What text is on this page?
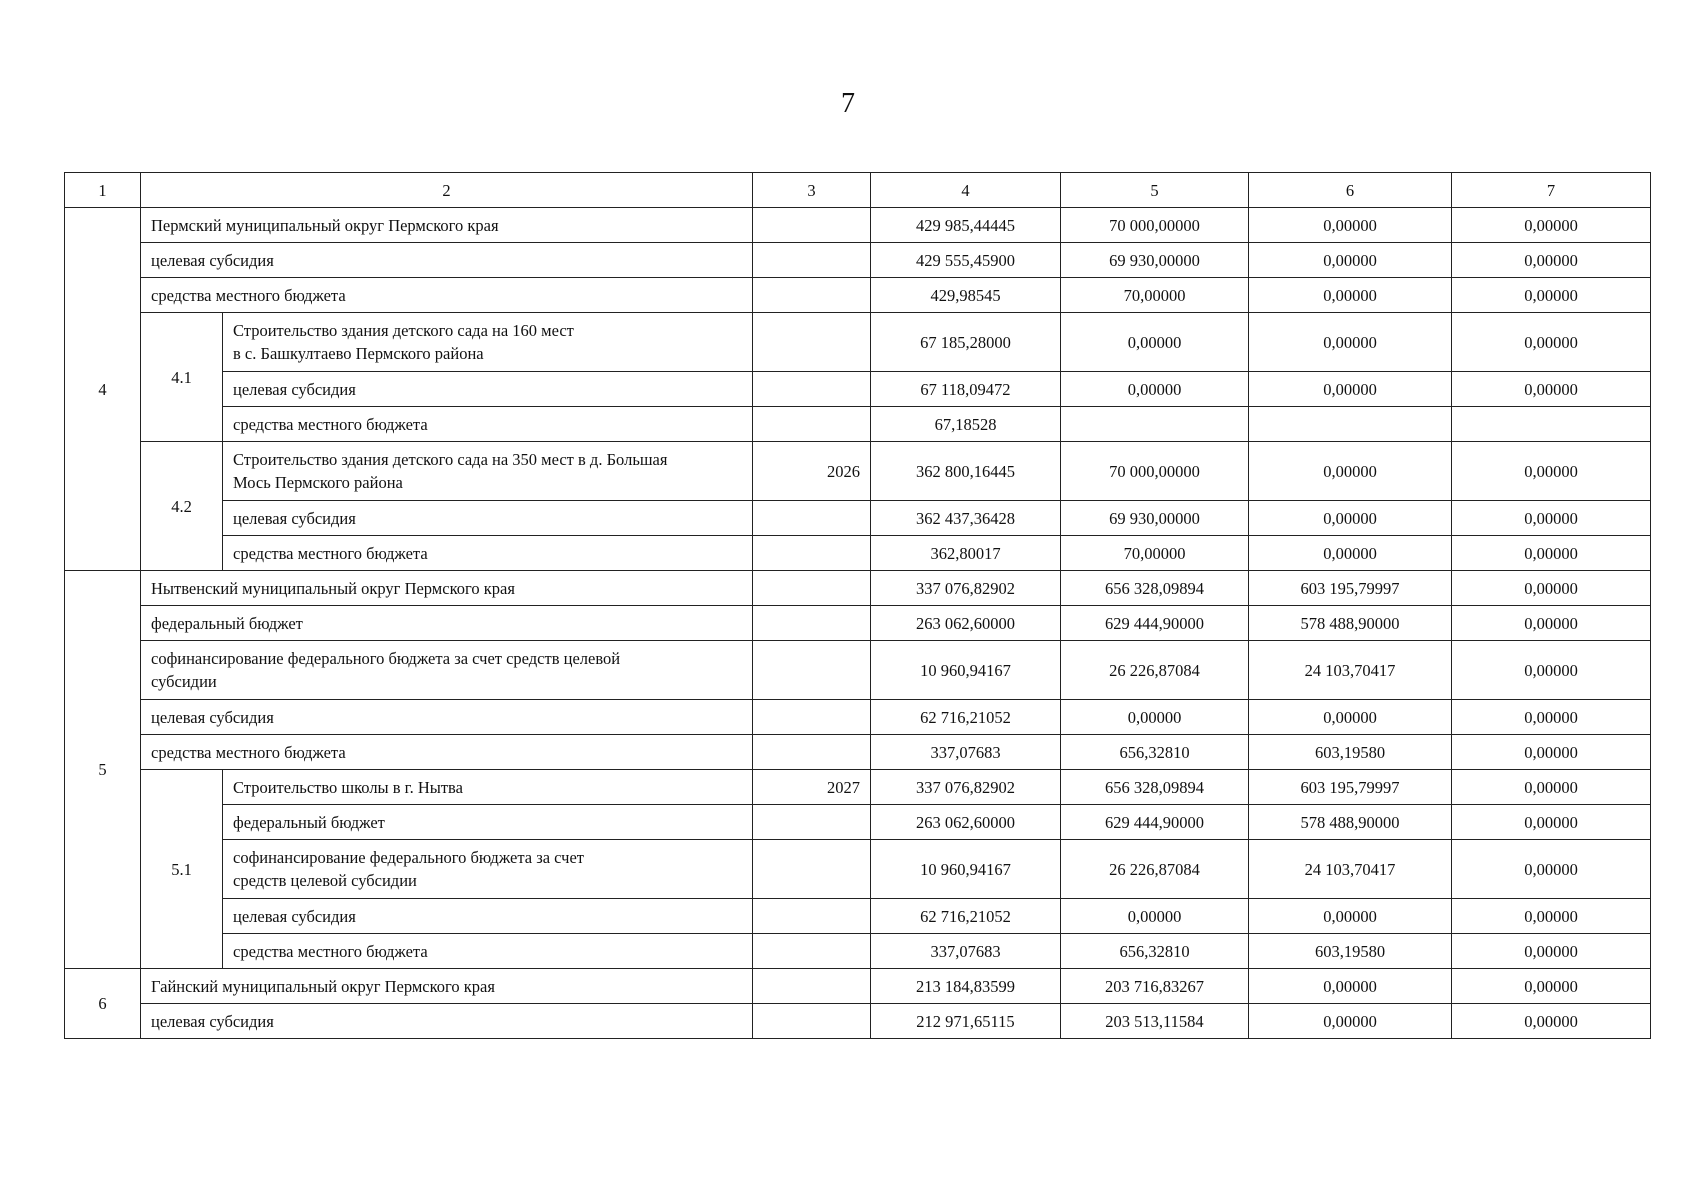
7
1	2		3	4	5	6	7
4	Пермский муниципальный округ Пермского края			429 985,44445	70 000,00000	0,00000	0,00000
	целевая субсидия			429 555,45900	69 930,00000	0,00000	0,00000
	средства местного бюджета			429,98545	70,00000	0,00000	0,00000
	4.1	Строительство здания детского сада на 160 мест
в с. Башкултаево Пермского района		67 185,28000	0,00000	0,00000	0,00000
		целевая субсидия		67 118,09472	0,00000	0,00000	0,00000
		средства местного бюджета		67,18528			
	4.2	Строительство здания детского сада на 350 мест в д. Большая
Мось Пермского района	2026	362 800,16445	70 000,00000	0,00000	0,00000
		целевая субсидия		362 437,36428	69 930,00000	0,00000	0,00000
		средства местного бюджета		362,80017	70,00000	0,00000	0,00000
5	Нытвенский муниципальный округ Пермского края			337 076,82902	656 328,09894	603 195,79997	0,00000
	федеральный бюджет			263 062,60000	629 444,90000	578 488,90000	0,00000

	софинансирование федерального бюджета за счет средств целевой
субсидии			10 960,94167	26 226,87084	24 103,70417	0,00000
	целевая субсидия			62 716,21052	0,00000	0,00000	0,00000
	средства местного бюджета			337,07683	656,32810	603,19580	0,00000
	5.1	Строительство школы в г. Нытва	2027	337 076,82902	656 328,09894	603 195,79997	0,00000
		федеральный бюджет		263 062,60000	629 444,90000	578 488,90000	0,00000

		софинансирование федерального бюджета за счет
средств целевой субсидии		10 960,94167	26 226,87084	24 103,70417	0,00000
		целевая субсидия		62 716,21052	0,00000	0,00000	0,00000
		средства местного бюджета		337,07683	656,32810	603,19580	0,00000
6	Гайнский муниципальный округ Пермского края			213 184,83599	203 716,83267	0,00000	0,00000
	целевая субсидия			212 971,65115	203 513,11584	0,00000	0,00000
